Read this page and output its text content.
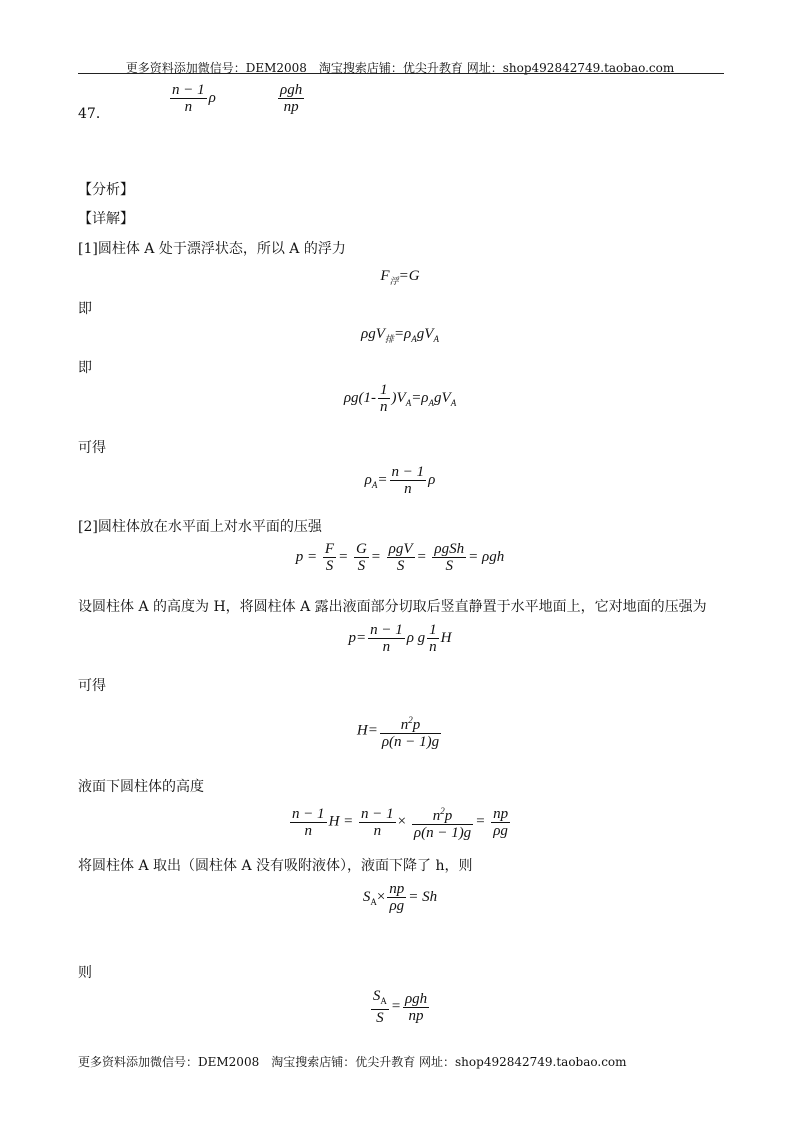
更多资料添加微信号：DEM2008　淘宝搜索店铺：优尖升教育 网址：shop492842749.taobao.com
47．	$\frac{n - 1}{n}$ ρ	$\frac{\text{ρgh}}{np}$
【分析】
【详解】
[1]圆柱体 A 处于漂浮状态，所以 A 的浮力
$F_浮=G$
即
$\rho gV_排=\rho_AgV_A$
即
$\rho g(1- \frac{1}{n} )V_A=\rho_AgV_A$
可得
$\rho_A= \frac{n - 1}{n}$ ρ
[2]圆柱体放在水平面上对水平面的压强
$p = \frac{F}{S} = \frac{G}{S} = \frac{\text{ρgV}}{S} = \frac{\text{ρgSh}}{S} = \rho gh$
设圆柱体 A 的高度为 H，将圆柱体 A 露出液面部分切取后竖直静置于水平地面上，它对地面的压强为
$p= \frac{n - 1}{n}$ ρ g $\frac{1}{n}$ H
可得
$H= \frac{n^2p}{\rho(n - 1)g}$
液面下圆柱体的高度
$\frac{n - 1}{n}$ $H = \frac{n - 1}{n} \times \frac{n^2p}{\rho(n - 1)g} = \frac{np}{\rho g}$
将圆柱体 A 取出（圆柱体 A 没有吸附液体），液面下降了 h，则
$S_A\times \frac{np}{\rho g} = Sh$
则
$\frac{S_A}{S} = \frac{\text{ρgh}}{np}$
更多资料添加微信号：DEM2008　淘宝搜索店铺：优尖升教育 网址：shop492842749.taobao.com
